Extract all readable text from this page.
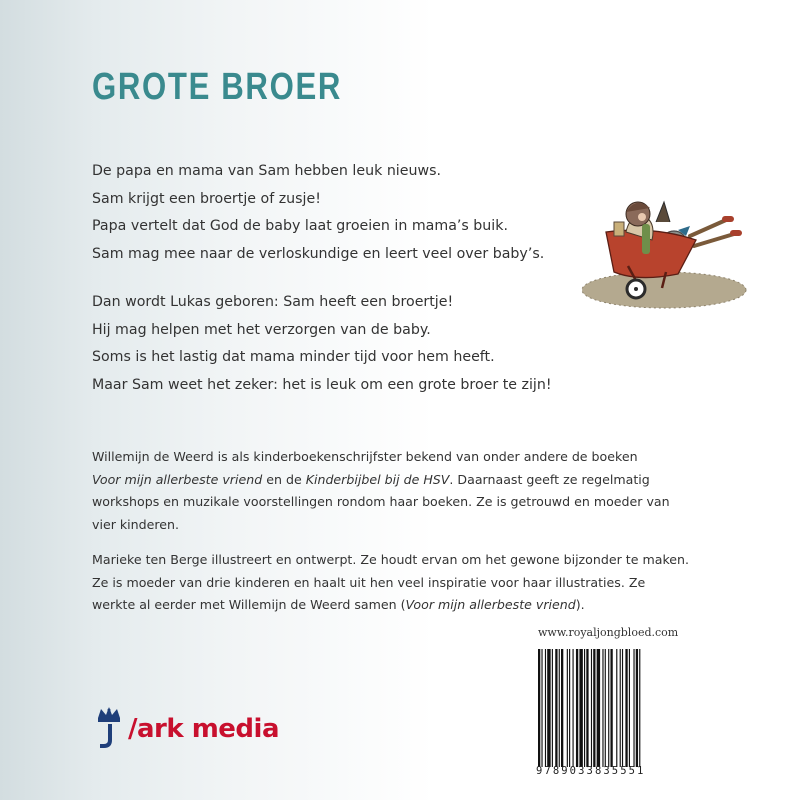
GROTE BROER

De papa en mama van Sam hebben leuk nieuws.

Sam krijgt een broertje of zusje!

Papa vertelt dat God de baby laat groeien in mama’s buik.

Sam mag mee naar de verloskundige en leert veel over baby’s.

Dan wordt Lukas geboren: Sam heeft een broertje!

Hij mag helpen met het verzorgen van de baby.

Soms is het lastig dat mama minder tijd voor hem heeft.

Maar Sam weet het zeker: het is leuk om een grote broer te zijn!

Willemijn de Weerd is als kinderboekenschrijfster bekend van onder andere de boeken
Voor mijn allerbeste vriend en de Kinderbijbel bij de HSV. Daarnaast geeft ze regelmatig workshops en muzikale voorstellingen rondom haar boeken. Ze is getrouwd en moeder van vier kinderen.

Marieke ten Berge illustreert en ontwerpt. Ze houdt ervan om het gewone bijzonder te maken. Ze is moeder van drie kinderen en haalt uit hen veel inspiratie voor haar illustraties. Ze werkte al eerder met Willemijn de Weerd samen (Voor mijn allerbeste vriend).

www.royaljongbloed.com
9789033835551
/ark media
